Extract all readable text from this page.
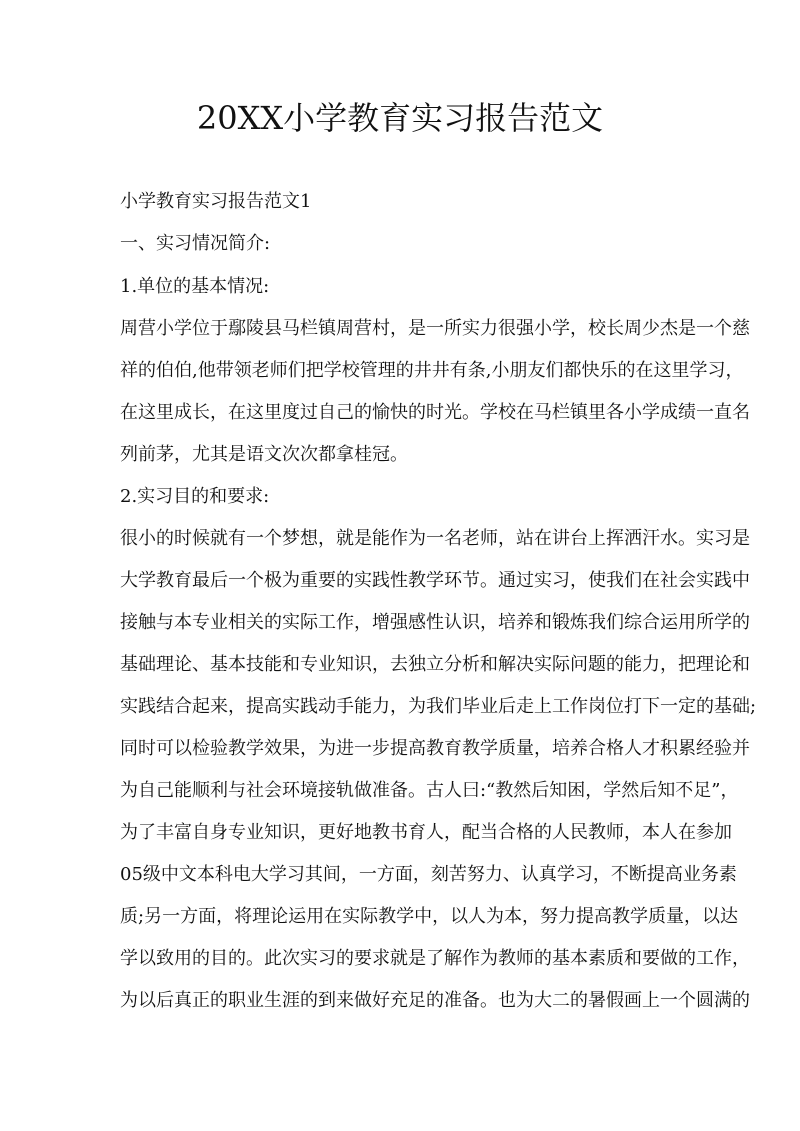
20XX小学教育实习报告范文
小学教育实习报告范文1
一、实习情况简介:
1.单位的基本情况:
周营小学位于鄢陵县马栏镇周营村，是一所实力很强小学，校长周少杰是一个慈
祥的伯伯,他带领老师们把学校管理的井井有条,小朋友们都快乐的在这里学习，
在这里成长，在这里度过自己的愉快的时光。学校在马栏镇里各小学成绩一直名
列前茅，尤其是语文次次都拿桂冠。
2.实习目的和要求:
很小的时候就有一个梦想，就是能作为一名老师，站在讲台上挥洒汗水。实习是
大学教育最后一个极为重要的实践性教学环节。通过实习，使我们在社会实践中
接触与本专业相关的实际工作，增强感性认识，培养和锻炼我们综合运用所学的
基础理论、基本技能和专业知识，去独立分析和解决实际问题的能力，把理论和
实践结合起来，提高实践动手能力，为我们毕业后走上工作岗位打下一定的基础;
同时可以检验教学效果，为进一步提高教育教学质量，培养合格人才积累经验并
为自己能顺利与社会环境接轨做准备。古人曰:“教然后知困，学然后知不足”，
为了丰富自身专业知识，更好地教书育人，配当合格的人民教师，本人在参加
05级中文本科电大学习其间，一方面，刻苦努力、认真学习，不断提高业务素
质;另一方面，将理论运用在实际教学中，以人为本，努力提高教学质量，以达
学以致用的目的。此次实习的要求就是了解作为教师的基本素质和要做的工作，
为以后真正的职业生涯的到来做好充足的准备。也为大二的暑假画上一个圆满的
